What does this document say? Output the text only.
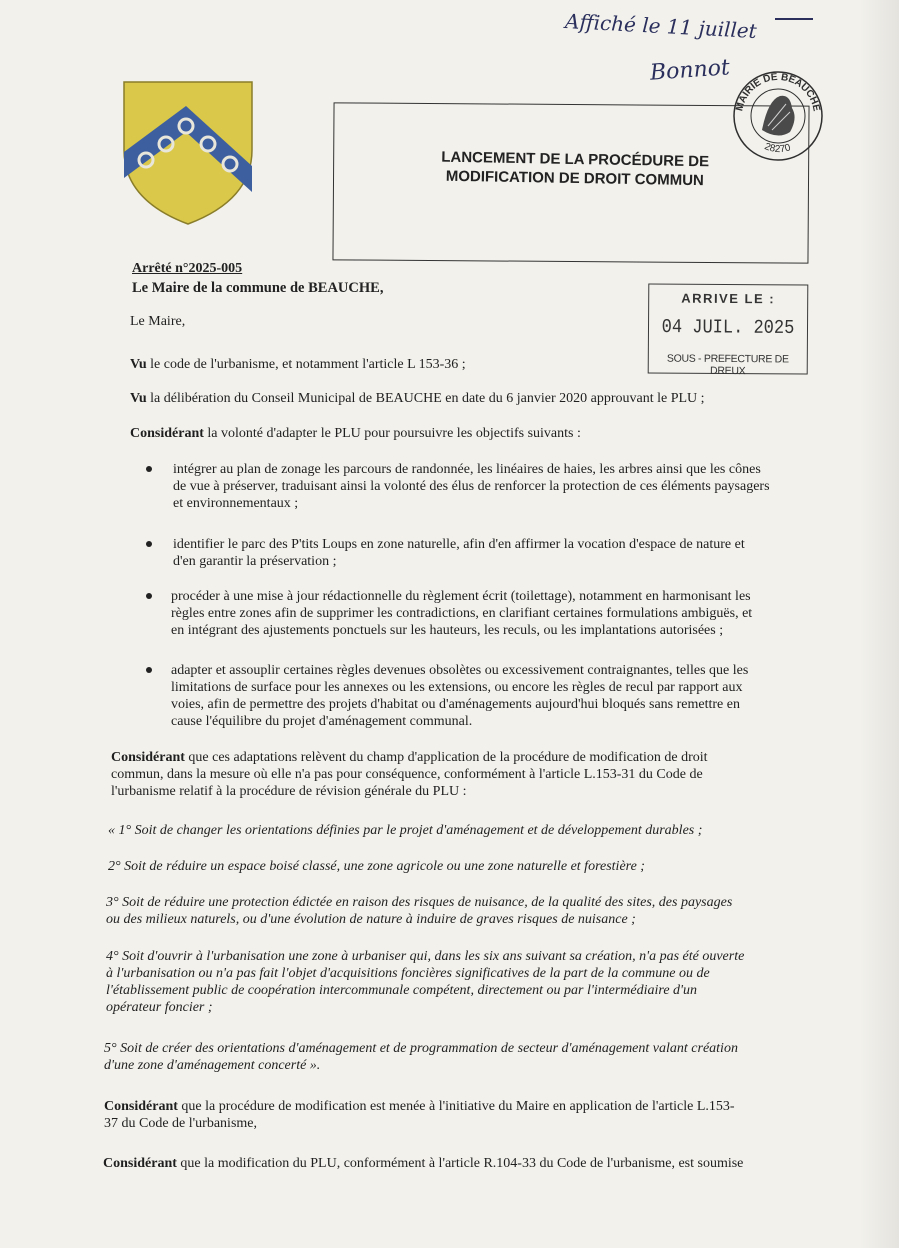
Affiché le 11 juillet
Bonnot
LANCEMENT DE LA PROCÉDURE DE
MODIFICATION DE DROIT COMMUN
MAIRIE DE BEAUCHE
28270
Arrêté n°2025-005
Le Maire de la commune de BEAUCHE,
ARRIVE LE :
04 JUIL. 2025
SOUS - PREFECTURE DE DREUX
Le Maire,
Vu le code de l'urbanisme, et notamment l'article L 153-36 ;
Vu la délibération du Conseil Municipal de BEAUCHE en date du 6 janvier 2020 approuvant le PLU ;
Considérant la volonté d'adapter le PLU pour poursuivre les objectifs suivants :
intégrer au plan de zonage les parcours de randonnée, les linéaires de haies, les arbres ainsi que les cônes
de vue à préserver, traduisant ainsi la volonté des élus de renforcer la protection de ces éléments paysagers
et environnementaux ;
identifier le parc des P'tits Loups en zone naturelle, afin d'en affirmer la vocation d'espace de nature et
d'en garantir la préservation ;
procéder à une mise à jour rédactionnelle du règlement écrit (toilettage), notamment en harmonisant les
règles entre zones afin de supprimer les contradictions, en clarifiant certaines formulations ambiguës, et
en intégrant des ajustements ponctuels sur les hauteurs, les reculs, ou les implantations autorisées ;
adapter et assouplir certaines règles devenues obsolètes ou excessivement contraignantes, telles que les
limitations de surface pour les annexes ou les extensions, ou encore les règles de recul par rapport aux
voies, afin de permettre des projets d'habitat ou d'aménagements aujourd'hui bloqués sans remettre en
cause l'équilibre du projet d'aménagement communal.
Considérant que ces adaptations relèvent du champ d'application de la procédure de modification de droit
commun, dans la mesure où elle n'a pas pour conséquence, conformément à l'article L.153-31 du Code de
l'urbanisme relatif à la procédure de révision générale du PLU :
« 1° Soit de changer les orientations définies par le projet d'aménagement et de développement durables ;
2° Soit de réduire un espace boisé classé, une zone agricole ou une zone naturelle et forestière ;
3° Soit de réduire une protection édictée en raison des risques de nuisance, de la qualité des sites, des paysages
ou des milieux naturels, ou d'une évolution de nature à induire de graves risques de nuisance ;
4° Soit d'ouvrir à l'urbanisation une zone à urbaniser qui, dans les six ans suivant sa création, n'a pas été ouverte
à l'urbanisation ou n'a pas fait l'objet d'acquisitions foncières significatives de la part de la commune ou de
l'établissement public de coopération intercommunale compétent, directement ou par l'intermédiaire d'un
opérateur foncier ;
5° Soit de créer des orientations d'aménagement et de programmation de secteur d'aménagement valant création
d'une zone d'aménagement concerté ».
Considérant que la procédure de modification est menée à l'initiative du Maire en application de l'article L.153-
37 du Code de l'urbanisme,
Considérant que la modification du PLU, conformément à l'article R.104-33 du Code de l'urbanisme, est soumise
